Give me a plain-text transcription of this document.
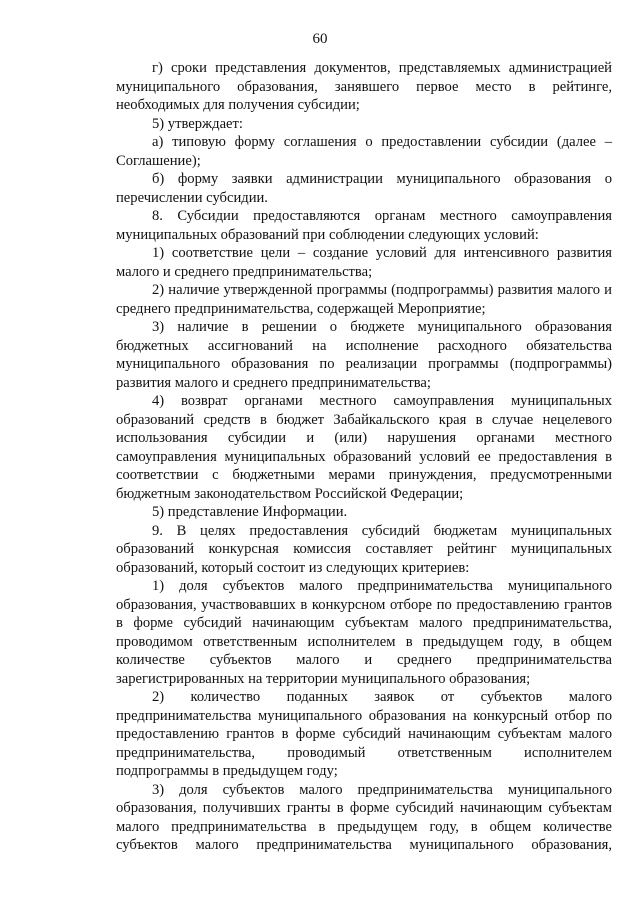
60

г) сроки представления документов, представляемых администрацией муниципального образования, занявшего первое место в рейтинге, необходимых для получения субсидии;

5) утверждает:

а) типовую форму соглашения о предоставлении субсидии (далее – Соглашение);

б) форму заявки администрации муниципального образования о перечислении субсидии.

8. Субсидии предоставляются органам местного самоуправления муниципальных образований при соблюдении следующих условий:

1) соответствие цели – создание условий для интенсивного развития малого и среднего предпринимательства;

2) наличие утвержденной программы (подпрограммы) развития малого и среднего предпринимательства, содержащей Мероприятие;

3) наличие в решении о бюджете муниципального образования бюджетных ассигнований на исполнение расходного обязательства муниципального образования по реализации программы (подпрограммы) развития малого и среднего предпринимательства;

4) возврат органами местного самоуправления муниципальных образований средств в бюджет Забайкальского края в случае нецелевого использования субсидии и (или) нарушения органами местного самоуправления муниципальных образований условий ее предоставления в соответствии с бюджетными мерами принуждения, предусмотренными бюджетным законодательством Российской Федерации;

5) представление Информации.

9. В целях предоставления субсидий бюджетам муниципальных образований конкурсная комиссия составляет рейтинг муниципальных образований, который состоит из следующих критериев:

1) доля субъектов малого предпринимательства муниципального образования, участвовавших в конкурсном отборе по предоставлению грантов в форме субсидий начинающим субъектам малого предпринимательства, проводимом ответственным исполнителем в предыдущем году, в общем количестве субъектов малого и среднего предпринимательства зарегистрированных на территории муниципального образования;

2) количество поданных заявок от субъектов малого предпринимательства муниципального образования на конкурсный отбор по предоставлению грантов в форме субсидий начинающим субъектам малого предпринимательства, проводимый ответственным исполнителем подпрограммы в предыдущем году;

3) доля субъектов малого предпринимательства муниципального образования, получивших гранты в форме субсидий начинающим субъектам малого предпринимательства в предыдущем году, в общем количестве субъектов малого предпринимательства муниципального образования,
